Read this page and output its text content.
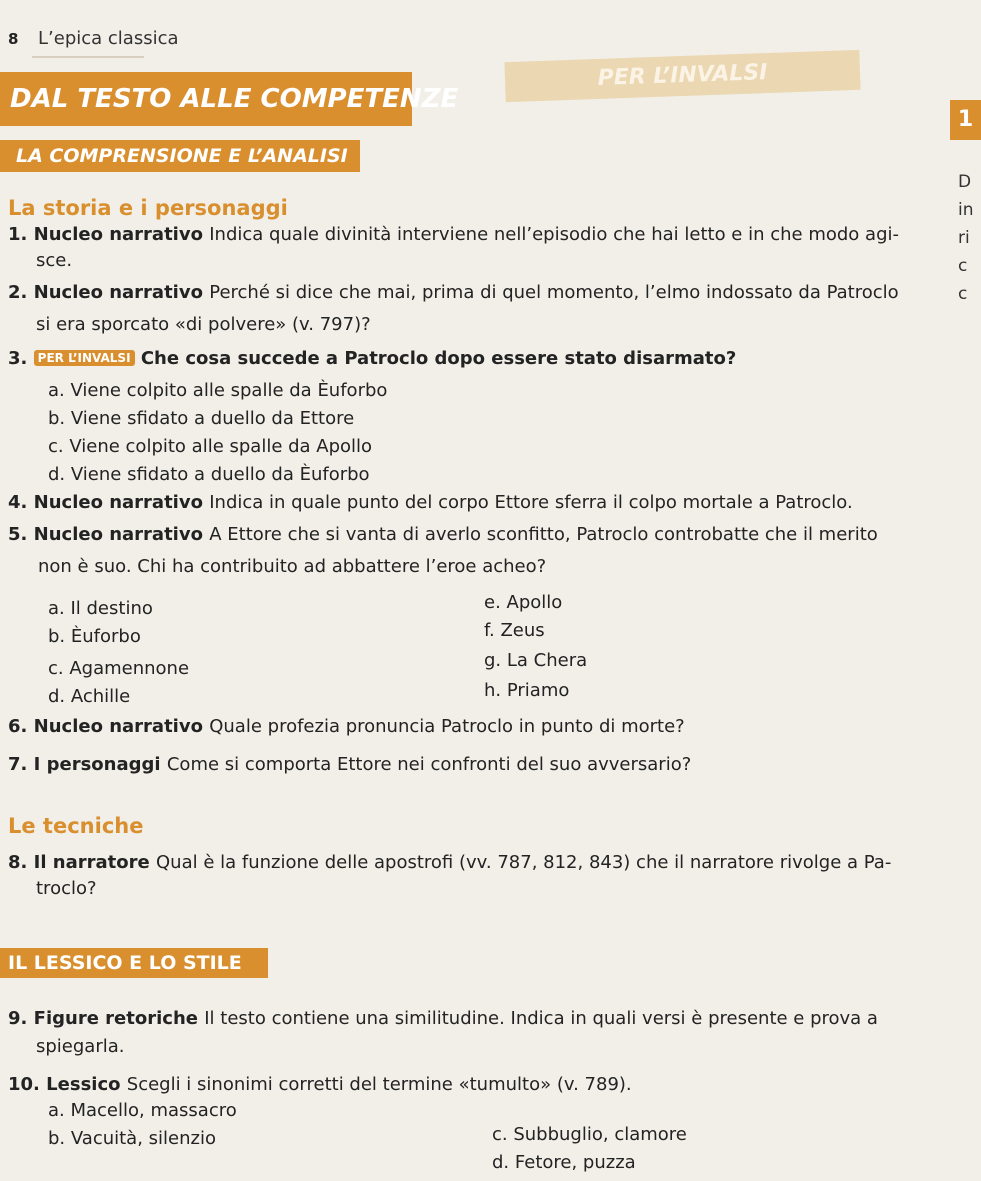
8 L’epica classica
PER L’INVALSI
DAL TESTO ALLE COMPETENZE
1
LA COMPRENSIONE E L’ANALISI
D
in
ri
c
c
La storia e i personaggi
1. Nucleo narrativo Indica quale divinità interviene nell’episodio che hai letto e in che modo agi-
sce.
2. Nucleo narrativo Perché si dice che mai, prima di quel momento, l’elmo indossato da Patroclo
si era sporcato «di polvere» (v. 797)?
3. PER L’INVALSI Che cosa succede a Patroclo dopo essere stato disarmato?
a. Viene colpito alle spalle da Èuforbo
b. Viene sfidato a duello da Ettore
c. Viene colpito alle spalle da Apollo
d. Viene sfidato a duello da Èuforbo
4. Nucleo narrativo Indica in quale punto del corpo Ettore sferra il colpo mortale a Patroclo.
5. Nucleo narrativo A Ettore che si vanta di averlo sconfitto, Patroclo controbatte che il merito
non è suo. Chi ha contribuito ad abbattere l’eroe acheo?
a. Il destino
b. Èuforbo
c. Agamennone
d. Achille
e. Apollo
f. Zeus
g. La Chera
h. Priamo
6. Nucleo narrativo Quale profezia pronuncia Patroclo in punto di morte?
7. I personaggi Come si comporta Ettore nei confronti del suo avversario?
Le tecniche
8. Il narratore Qual è la funzione delle apostrofi (vv. 787, 812, 843) che il narratore rivolge a Pa-
troclo?
IL LESSICO E LO STILE
9. Figure retoriche Il testo contiene una similitudine. Indica in quali versi è presente e prova a
spiegarla.
10. Lessico Scegli i sinonimi corretti del termine «tumulto» (v. 789).
a. Macello, massacro
b. Vacuità, silenzio	c. Subbuglio, clamore
d. Fetore, puzza
